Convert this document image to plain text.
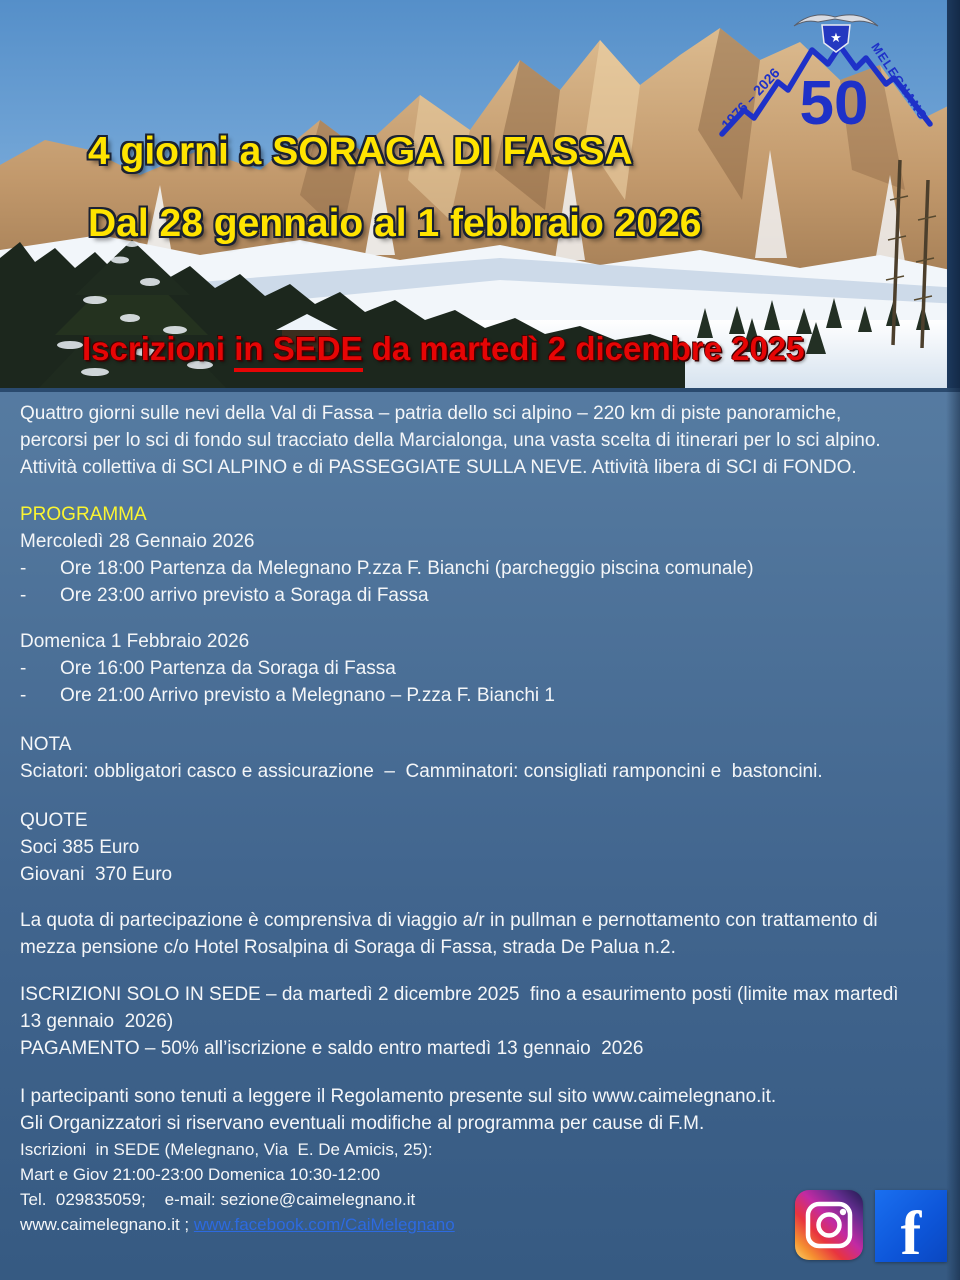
50
1976 – 2026	MELEGNANO
★
4 giorni a SORAGA DI FASSA
Dal 28 gennaio al 1 febbraio 2026
Iscrizioni in SEDE da martedì 2 dicembre 2025
Quattro giorni sulle nevi della Val di Fassa – patria dello sci alpino – 220 km di piste panoramiche,
percorsi per lo sci di fondo sul tracciato della Marcialonga, una vasta scelta di itinerari per lo sci alpino.
Attività collettiva di SCI ALPINO e di PASSEGGIATE SULLA NEVE. Attività libera di SCI di FONDO.
PROGRAMMA
Mercoledì 28 Gennaio 2026
-	Ore 18:00 Partenza da Melegnano P.zza F. Bianchi (parcheggio piscina comunale)
-	Ore 23:00 arrivo previsto a Soraga di Fassa
Domenica 1 Febbraio 2026
-	Ore 16:00 Partenza da Soraga di Fassa
-	Ore 21:00 Arrivo previsto a Melegnano – P.zza F. Bianchi 1
NOTA
Sciatori: obbligatori casco e assicurazione  –  Camminatori: consigliati ramponcini e  bastoncini.
QUOTE
Soci 385 Euro
Giovani  370 Euro
La quota di partecipazione è comprensiva di viaggio a/r in pullman e pernottamento con trattamento di
mezza pensione c/o Hotel Rosalpina di Soraga di Fassa, strada De Palua n.2.
ISCRIZIONI SOLO IN SEDE – da martedì 2 dicembre 2025  fino a esaurimento posti (limite max martedì
13 gennaio  2026)
PAGAMENTO – 50% all’iscrizione e saldo entro martedì 13 gennaio  2026
I partecipanti sono tenuti a leggere il Regolamento presente sul sito www.caimelegnano.it.
Gli Organizzatori si riservano eventuali modifiche al programma per cause di F.M.
Iscrizioni  in SEDE (Melegnano, Via  E. De Amicis, 25):
Mart e Giov 21:00-23:00 Domenica 10:30-12:00
Tel.  029835059;    e-mail: sezione@caimelegnano.it
www.caimelegnano.it ; www.facebook.com/CaiMelegnano	f
